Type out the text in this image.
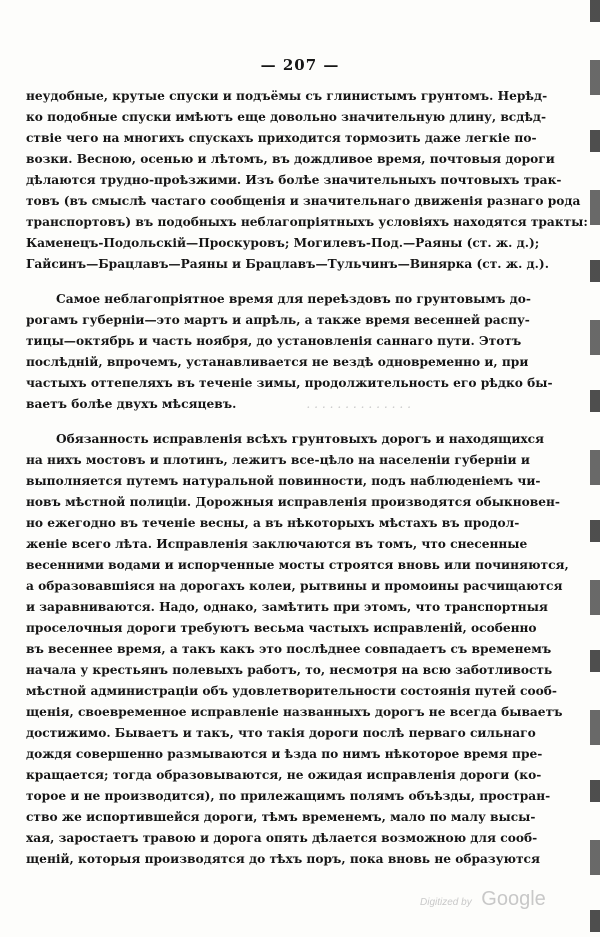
— 207 —
неудобные, крутые спуски и подъёмы съ глинистымъ грунтомъ. Нерѣд-
ко подобные спуски имѣютъ еще довольно значительную длину, всдѣд-
ствіе чего на многихъ спускахъ приходится тормозить даже легкіе по-
возки. Весною, осенью и лѣтомъ, въ дождливое время, почтовыя дороги
дѣлаются трудно-проѣзжими. Изъ болѣе значительныхъ почтовыхъ трак-
товъ (въ смыслѣ частаго сообщенія и значительнаго движенія разнаго рода
транспортовъ) въ подобныхъ неблагопріятныхъ условіяхъ находятся тракты:
Каменецъ-Подольскій—Проскуровъ; Могилевъ-Под.—Раяны (ст. ж. д.);
Гайсинъ—Брацлавъ—Раяны и Брацлавъ—Тульчинъ—Винярка (ст. ж. д.).
Самое неблагопріятное время для переѣздовъ по грунтовымъ до-
рогамъ губерніи—это мартъ и апрѣль, а также время весенней распу-
тицы—октябрь и часть ноября, до установленія саннаго пути. Этотъ
послѣдній, впрочемъ, устанавливается не вездѣ одновременно и, при
частыхъ оттепеляхъ въ теченіе зимы, продолжительность его рѣдко бы-
ваетъ болѣе двухъ мѣсяцевъ.	. . . . . . . . . . . . . .
Обязанность исправленія всѣхъ грунтовыхъ дорогъ и находящихся
на нихъ мостовъ и плотинъ, лежитъ все-цѣло на населеніи губерніи и
выполняется путемъ натуральной повинности, подъ наблюденіемъ чи-
новъ мѣстной полиціи. Дорожныя исправленія производятся обыкновен-
но ежегодно въ теченіе весны, а въ нѣкоторыхъ мѣстахъ въ продол-
женіе всего лѣта. Исправленія заключаются въ томъ, что снесенные
весенними водами и испорченные мосты строятся вновь или починяются,
а образовавшіяся на дорогахъ колеи, рытвины и промоины расчищаются
и заравниваются. Надо, однако, замѣтить при этомъ, что транспортныя
проселочныя дороги требуютъ весьма частыхъ исправленій, особенно
въ весеннее время, а такъ какъ это послѣднее совпадаетъ съ временемъ
начала у крестьянъ полевыхъ работъ, то, несмотря на всю заботливость
мѣстной администраціи объ удовлетворительности состоянія путей сооб-
щенія, своевременное исправленіе названныхъ дорогъ не всегда бываетъ
достижимо. Бываетъ и такъ, что такія дороги послѣ перваго сильнаго
дождя совершенно размываются и ѣзда по нимъ нѣкоторое время пре-
кращается; тогда образовываются, не ожидая исправленія дороги (ко-
торое и не производится), по прилежащимъ полямъ объѣзды, простран-
ство же испортившейся дороги, тѣмъ временемъ, мало по малу высы-
хая, заростаетъ травою и дорога опять дѣлается возможною для сооб-
щеній, которыя производятся до тѣхъ поръ, пока вновь не образуются
Digitized by Google
